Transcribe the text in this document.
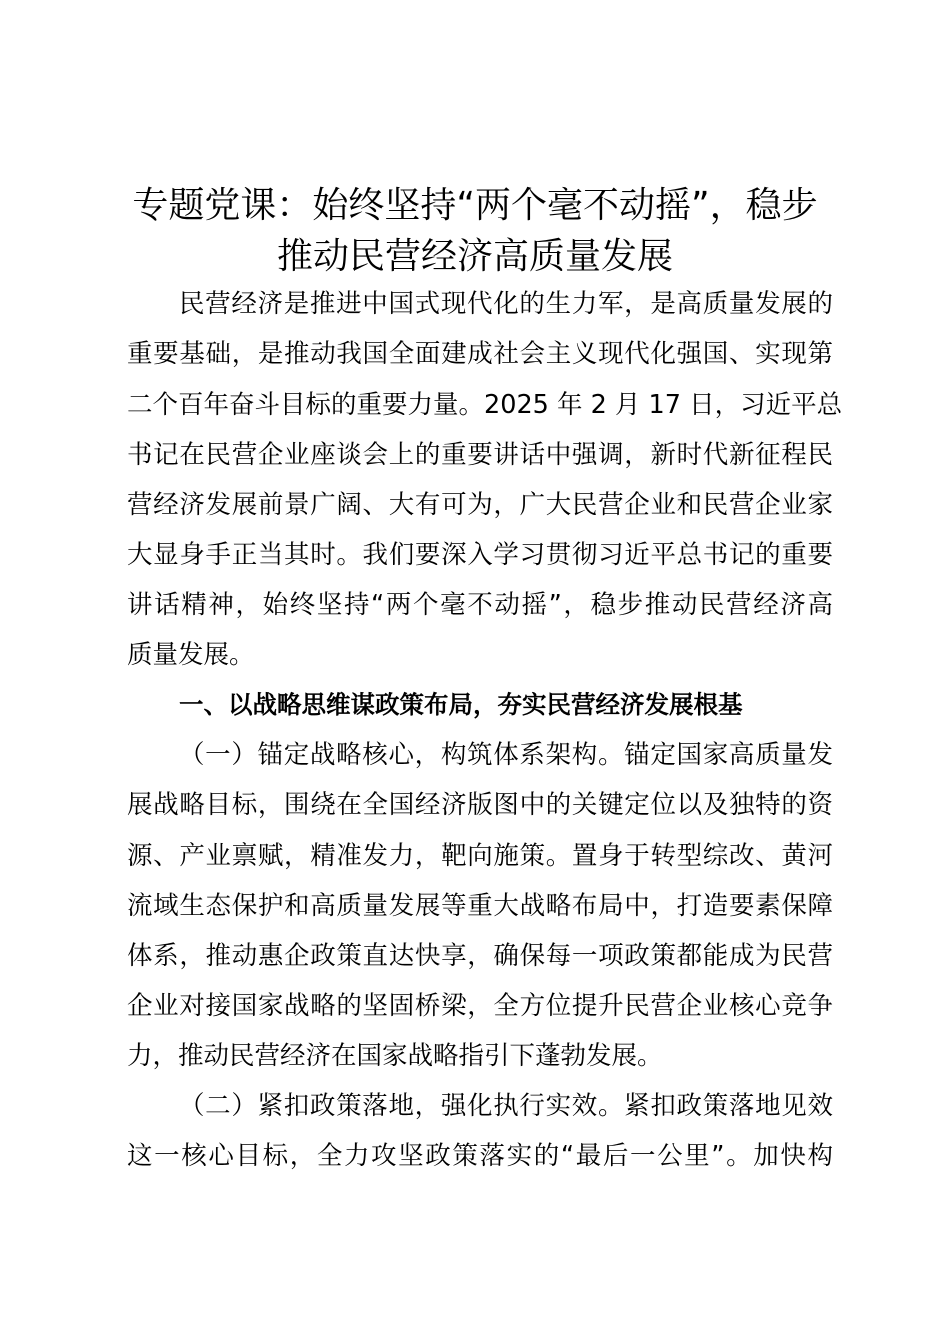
专题党课：始终坚持“两个毫不动摇”，稳步
推动民营经济高质量发展
民营经济是推进中国式现代化的生力军，是高质量发展的
重要基础，是推动我国全面建成社会主义现代化强国、实现第
二个百年奋斗目标的重要力量。2025 年 2 月 17 日，习近平总
书记在民营企业座谈会上的重要讲话中强调，新时代新征程民
营经济发展前景广阔、大有可为，广大民营企业和民营企业家
大显身手正当其时。我们要深入学习贯彻习近平总书记的重要
讲话精神，始终坚持“两个毫不动摇”，稳步推动民营经济高
质量发展。
一、以战略思维谋政策布局，夯实民营经济发展根基
（一）锚定战略核心，构筑体系架构。锚定国家高质量发
展战略目标，围绕在全国经济版图中的关键定位以及独特的资
源、产业禀赋，精准发力，靶向施策。置身于转型综改、黄河
流域生态保护和高质量发展等重大战略布局中，打造要素保障
体系，推动惠企政策直达快享，确保每一项政策都能成为民营
企业对接国家战略的坚固桥梁，全方位提升民营企业核心竞争
力，推动民营经济在国家战略指引下蓬勃发展。
（二）紧扣政策落地，强化执行实效。紧扣政策落地见效
这一核心目标，全力攻坚政策落实的“最后一公里”。加快构
